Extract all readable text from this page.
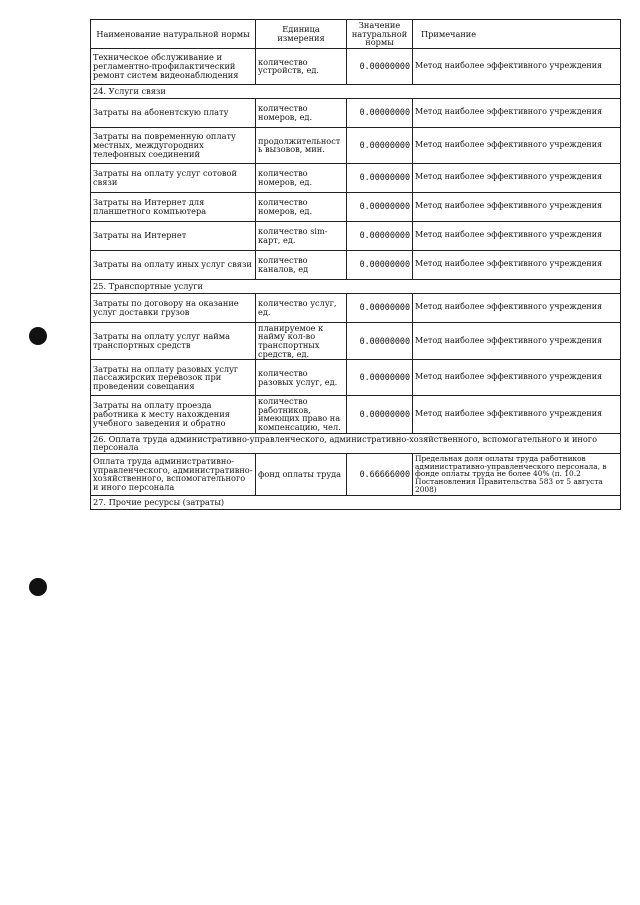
Наименование натуральной нормы	Единица измерения	Значение натуральной нормы	Примечание
Техническое обслуживание и регламентно-профилактический ремонт систем видеонаблюдения	количество устройств, ед.	0.00000000	Метод наиболее эффективного учреждения
24. Услуги связи			
Затраты на абонентскую плату	количество номеров, ед.	0.00000000	Метод наиболее эффективного учреждения
Затраты на повременную оплату местных, междугородних телефонных соединений	продолжительность вызовов, мин.	0.00000000	Метод наиболее эффективного учреждения
Затраты на оплату услуг сотовой связи	количество номеров, ед.	0.00000000	Метод наиболее эффективного учреждения
Затраты на Интернет для планшетного компьютера	количество номеров, ед.	0.00000000	Метод наиболее эффективного учреждения
Затраты на Интернет	количество sim-карт, ед.	0.00000000	Метод наиболее эффективного учреждения
Затраты на оплату иных услуг связи	количество каналов, ед	0.00000000	Метод наиболее эффективного учреждения
25. Транспортные услуги			
Затраты по договору на оказание услуг доставки грузов	количество услуг, ед.	0.00000000	Метод наиболее эффективного учреждения
Затраты на оплату услуг найма транспортных средств	планируемое к найму кол-во транспортных средств, ед.	0.00000000	Метод наиболее эффективного учреждения
Затраты на оплату разовых услуг пассажирских перевозок при проведении совещания	количество разовых услуг, ед.	0.00000000	Метод наиболее эффективного учреждения
Затраты на оплату проезда работника к месту нахождения учебного заведения и обратно	количество работников, имеющих право на компенсацию, чел.	0.00000000	Метод наиболее эффективного учреждения
26. Оплата труда административно-управленческого, административно-хозяйственного, вспомогательного и иного персонала			
Оплата труда административно-управленческого, административно-хозяйственного, вспомогательного и иного персонала	фонд оплаты труда	0.66666000	Предельная доля оплаты труда работников административно-управленческого персонала, в фонде оплаты труда не более 40% (п. 10.2 Постановления Правительства 583 от 5 августа 2008)
27. Прочие ресурсы (затраты)			
